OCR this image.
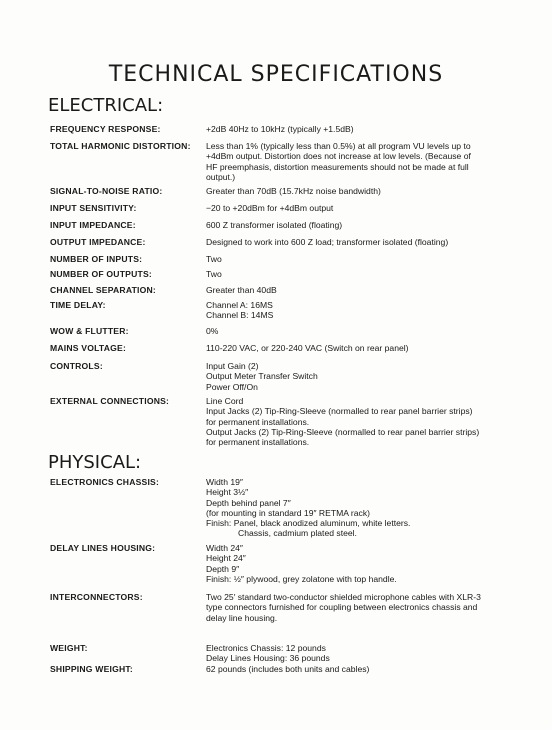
TECHNICAL SPECIFICATIONS
ELECTRICAL:
FREQUENCY RESPONSE:	+2dB 40Hz to 10kHz (typically +1.5dB)
TOTAL HARMONIC DISTORTION:	Less than 1% (typically less than 0.5%) at all program VU levels up to
+4dBm output. Distortion does not increase at low levels. (Because of
HF preemphasis, distortion measurements should not be made at full
output.)
SIGNAL-TO-NOISE RATIO:	Greater than 70dB (15.7kHz noise bandwidth)
INPUT SENSITIVITY:	−20 to +20dBm for +4dBm output
INPUT IMPEDANCE:	600 Z transformer isolated (floating)
OUTPUT IMPEDANCE:	Designed to work into 600 Z load; transformer isolated (floating)
NUMBER OF INPUTS:	Two
NUMBER OF OUTPUTS:	Two
CHANNEL SEPARATION:	Greater than 40dB
TIME DELAY:	Channel A: 16MS
Channel B: 14MS
WOW & FLUTTER:	0%
MAINS VOLTAGE:	110-220 VAC, or 220-240 VAC (Switch on rear panel)
CONTROLS:	Input Gain (2)
Output Meter Transfer Switch
Power Off/On
EXTERNAL CONNECTIONS:	Line Cord
Input Jacks (2) Tip-Ring-Sleeve (normalled to rear panel barrier strips)
for permanent installations.
Output Jacks (2) Tip-Ring-Sleeve (normalled to rear panel barrier strips)
for permanent installations.
PHYSICAL:
ELECTRONICS CHASSIS:	Width 19″
Height 3½″
Depth behind panel 7″
(for mounting in standard 19″ RETMA rack)
Finish: Panel, black anodized aluminum, white letters.
Chassis, cadmium plated steel.
DELAY LINES HOUSING:	Width 24″
Height 24″
Depth 9″
Finish: ½″ plywood, grey zolatone with top handle.
INTERCONNECTORS:	Two 25′ standard two-conductor shielded microphone cables with XLR-3
type connectors furnished for coupling between electronics chassis and
delay line housing.
WEIGHT:	Electronics Chassis: 12 pounds
Delay Lines Housing: 36 pounds
SHIPPING WEIGHT:	62 pounds (includes both units and cables)
